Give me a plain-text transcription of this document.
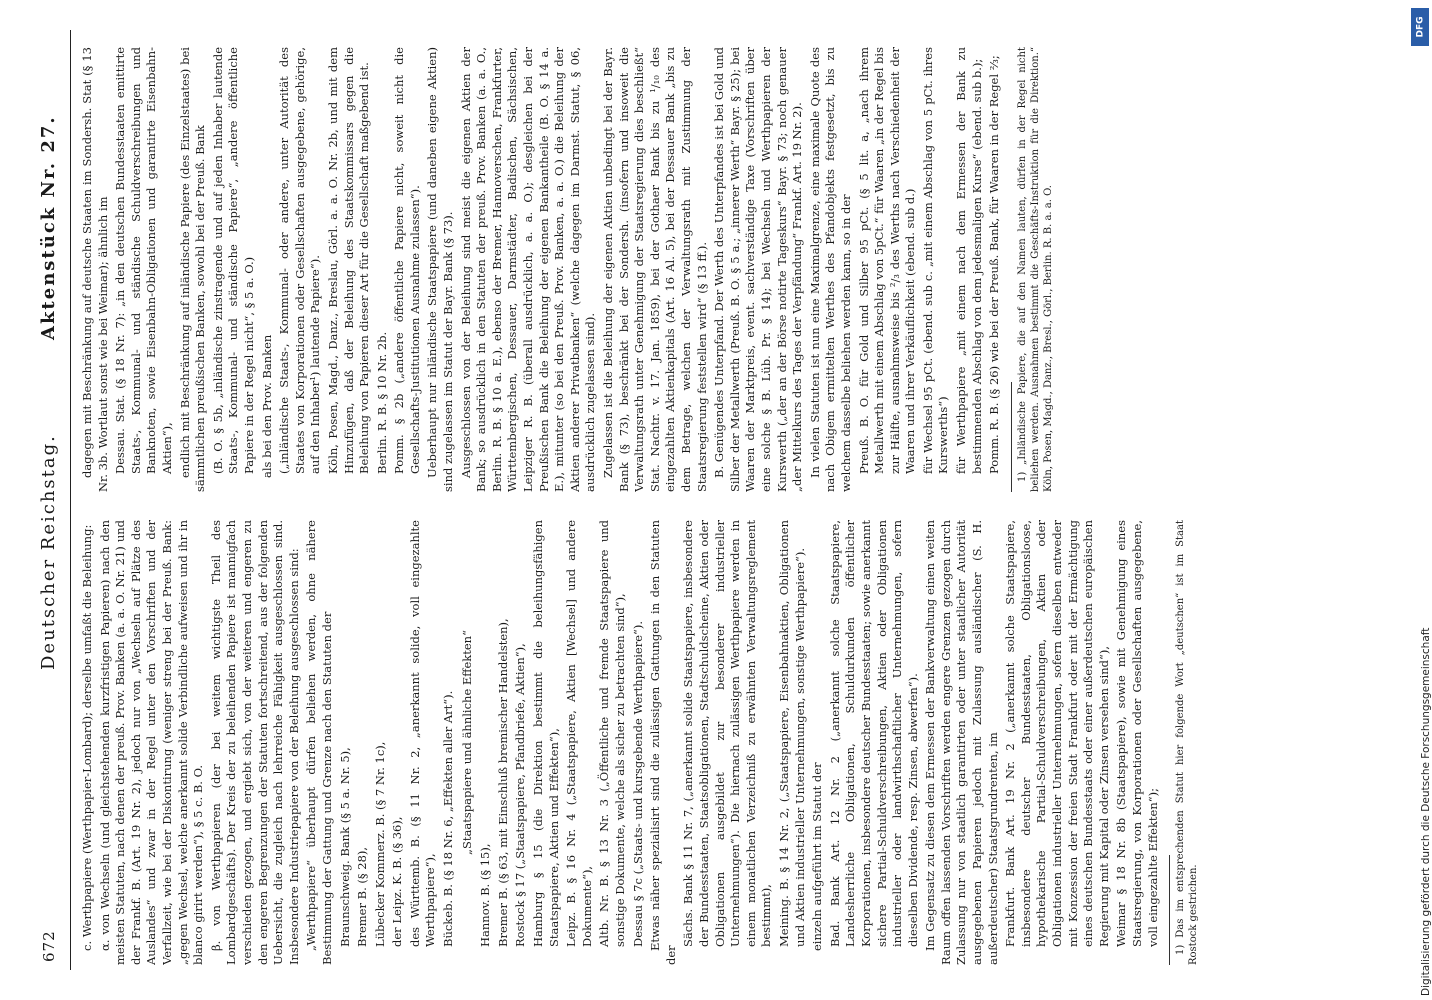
672
Deutscher Reichstag.
Aktenstück Nr. 27.

c. Werthpapiere (Werthpapier-Lombard); derselbe umfaßt die Beleihung: α. von Wechseln (und gleichstehenden kurzfristigen Papieren) nach den meisten Statuten, nach denen der preuß. Prov. Banken (a. a. O. Nr. 21) und der Frankf. B. (Art. 19 Nr. 2), jedoch nur von „Wechseln auf Plätze des Auslandes“ und zwar in der Regel unter den Vorschriften und der Verfallzeit, wie bei der Diskontirung (weniger streng bei der Preuß. Bank: „gegen Wechsel, welche anerkannt solide Verbindliche aufweisen und ihr in blanco girirt werden“), § 5 c. B. O. β. von Werthpapieren (der bei weitem wichtigste Theil des Lombardgeschäfts). Der Kreis der zu beleihenden Papiere ist mannigfach verschieden gezogen, und ergiebt sich, von der weiteren und engeren zu den engeren Begrenzungen der Statuten fortschreitend, aus der folgenden Uebersicht, die zugleich nach lehrreiche Fähigkeit ausgeschlossen sind. Insbesondere Industriepapiere von der Beleihung ausgeschlossen sind: „Werthpapiere“ überhaupt dürfen beliehen werden, ohne nähere Bestimmung der Gattung und Grenze nach den Statuten der Braunschweig. Bank (§ 5 a. Nr. 5), Bremer B. (§ 28), Lübecker Kommerz. B. (§ 7 Nr. 1c), der Leipz. K. B. (§ 36), des Württemb. B. (§ 11 Nr. 2, „anerkannt solide, voll eingezahlte Werthpapiere“), Bückeb. B. (§ 18 Nr. 6, „Effekten aller Art“). „Staatspapiere und ähnliche Effekten“

Hannov. B. (§ 15), Bremer B. (§ 63, mit Einschluß bremischer Handelsten), Rostock § 17 („Staatspapiere, Pfandbriefe, Aktien“), Hamburg § 15 (die Direktion bestimmt die beleihungsfähigen Staatspapiere, Aktien und Effekten“), Leipz. B. § 16 Nr. 4 („Staatspapiere, Aktien [Wechsel] und andere Dokumente“), Altb. Nr. B. § 13 Nr. 3 („Öffentliche und fremde Staatspapiere und sonstige Dokumente, welche als sicher zu betrachten sind“), Dessau § 7c („Staats- und kursgebende Werthpapiere“). Etwas näher spezialisirt sind die zulässigen Gattungen in den Statuten der

Sächs. Bank § 11 Nr. 7, („anerkannt solide Staatspapiere, insbesondere der Bundesstaaten, Staatsobligationen, Stadtschuldscheine, Aktien oder Obligationen ausgebildet zur besonderer industrieller Unternehmungen“). Die hiernach zulässigen Werthpapiere werden in einem monatlichen Verzeichniß zu erwähnten Verwaltungsreglement bestimmt), Meining. B. § 14 Nr. 2, („Staatspapiere, Eisenbahnaktien, Obligationen und Aktien industrieller Unternehmungen, sonstige Werthpapiere“). einzeln aufgeführt im Statut der Bad. Bank Art. 12 Nr. 2 („anerkannt solche Staatspapiere, Landesherrliche Obligationen, Schuldurkunden öffentlicher Korporationen, insbesondere deutscher Bundesstaaten; sowie anerkannt sichere Partial-Schuldverschreibungen, Aktien oder Obligationen industrieller oder landwirthschaftlicher Unternehmungen, sofern dieselben Dividende, resp. Zinsen, abwerfen“). Im Gegensatz zu diesen dem Ermessen der Bankverwaltung einen weiten Raum offen lassenden Vorschriften werden engere Grenzen gezogen durch Zulassung nur von staatlich garantirten oder unter staatlicher Autorität ausgegebenen Papieren jedoch mit Zulassung ausländischer (S. H. außerdeutscher) Staatsgrundrenten, im Frankfurt. Bank Art. 19 Nr. 2 („anerkannt solche Staatspapiere, insbesondere deutscher Bundesstaaten, Obligationsloose, hypothekarische Partial-Schuldverschreibungen, Aktien oder Obligationen industrieller Unternehmungen, sofern dieselben entweder mit Konzession der freien Stadt Frankfurt oder mit der Ermächtigung eines deutschen Bundesstaats oder einer außerdeutschen europäischen Regierung mit Kapital oder Zinsen versehen sind“), Weimar § 18 Nr. 8b (Staatspapiere), sowie mit Genehmigung eines Staatsregierung, von Korporationen oder Gesellschaften ausgegebene, voll eingezahlte Effekten“); 1) Das im entsprechenden Statut hier folgende Wort „deutschen“ ist im Staat Rostock gestrichen.

dagegen mit Beschränkung auf deutsche Staaten im Sondersh. Stat (§ 13 Nr. 3b. Wortlaut sonst wie bei Weimar); ähnlich im Dessau. Stat. (§ 18 Nr. 7): „in den deutschen Bundesstaaten emittirte Staats-, Kommunal- und ständische Schuldverschreibungen und Banknoten, sowie Eisenbahn-Obligationen und garantirte Eisenbahn-Aktien“), endlich mit Beschränkung auf inländische Papiere (des Einzelstaates) bei sämmtlichen preußischen Banken, sowohl bei der Preuß. Bank (B. O. § 5b, „inländische zinstragende und auf jeden Inhaber lautende Staats-, Kommunal- und ständische Papiere“, „andere öffentliche Papiere in der Regel nicht“, § 5 a. O.) als bei den Prov. Banken („inländische Staats-, Kommunal- oder andere, unter Autorität des Staates von Korporationen oder Gesellschaften ausgegebene, gehörige, auf den Inhaber¹) lautende Papiere“). Köln, Posen, Magd., Danz., Breslau, Görl. a. a. O. Nr. 2b, und mit dem Hinzufügen, daß der Beleihung des Staatskommissars gegen die Beleihung von Papieren dieser Art für die Gesellschaft maßgebend ist. Berlin. R. B. § 10 Nr. 2b. Pomm. § 2b („andere öffentliche Papiere nicht, soweit nicht die Gesellschafts-Justitutionen Ausnahme zulassen“). Ueberhaupt nur inländische Staatspapiere (und daneben eigene Aktien) sind zugelassen im Statut der Bayr. Bank (§ 73). Ausgeschlossen von der Beleihung sind meist die eigenen Aktien der Bank; so ausdrücklich in den Statuten der preuß. Prov. Banken (a. a. O., Berlin. R. B. § 10 a. E.), ebenso der Bremer, Hannoverschen, Frankfurter, Württembergischen, Dessauer, Darmstädter, Badischen, Sächsischen, Leipziger R. B. (überall ausdrücklich, a. a. O.); desgleichen bei der Preußischen Bank die Beleihung der eigenen Bankantheile (B. O. § 14 a. E.), mitunter (so bei den Preuß. Prov. Banken, a. a. O.) die Beleihung der Aktien anderer Privatbanken“ (welche dagegen im Darmst. Statut, § 06, ausdrücklich zugelassen sind). Zugelassen ist die Beleihung der eigenen Aktien unbedingt bei der Bayr. Bank (§ 73), beschränkt bei der Sondersh. (insofern und insoweit die Verwaltungsrath unter Genehmigung der Staatsregierung dies beschließt“ Stat. Nachtr. v. 17. Jan. 1859), bei der Gothaer Bank bis zu ¹/₁₀ des eingezahlten Aktienkapitals (Art. 16 Al. 5), bei der Dessauer Bank „bis zu dem Betrage, welchen der Verwaltungsrath mit Zustimmung der Staatsregierung feststellen wird“ (§ 13 ff.). B. Genügendes Unterpfand. Der Werth des Unterpfandes ist bei Gold und Silber der Metallwerth (Preuß. B. O. § 5 a.; „innerer Werth“ Bayr. § 25); bei Waaren der Marktpreis, event. sachverständige Taxe (Vorschriften über eine solche § B. Lüb. Pr. § 14); bei Wechseln und Werthpapieren der Kurswerth („der an der Börse notirte Tageskurs“ Bayr. § 73; noch genauer „der Mittelkurs des Tages der Verpfändung“ Frankf. Art. 19 Nr. 2). In vielen Statuten ist nun eine Maximalgrenze, eine maximale Quote des nach Obigem ermittelten Werthes des Pfandobjekts festgesetzt, bis zu welchem dasselbe beliehen werden kann, so in der Preuß. B. O. für Gold und Silber 95 pCt. (§ 5 lit. a, „nach ihrem Metallwerth mit einem Abschlag von 5pCt.“ für Waaren „in der Regel bis zur Hälfte, ausnahmsweise bis ²/₃ des Werths nach Verschiedenheit der Waaren und ihrer Verkäuflichkeit (ebend. sub d.) für Wechsel 95 pCt. (ebend. sub c. „mit einem Abschlag von 5 pCt. ihres Kurswerths“) für Werthpapiere „mit einem nach dem Ermessen der Bank zu bestimmenden Abschlag von dem jedesmaligen Kurse“ (ebend. sub b.); Pomm. R. B. (§ 26) wie bei der Preuß. Bank, für Waaren in der Regel ⅔; 1) „Inländische Papiere, die auf den Namen lauten, dürfen in der Regel nicht beliehen werden. Ausnahmen bestimmt die Geschäfts-Instruktion für die Direktion.“ Köln, Posen, Magd., Danz., Bresl., Görl., Berlin. R. B. a. a. O.

DFG
Digitalisierung gefördert durch die Deutsche Forschungsgemeinschaft
